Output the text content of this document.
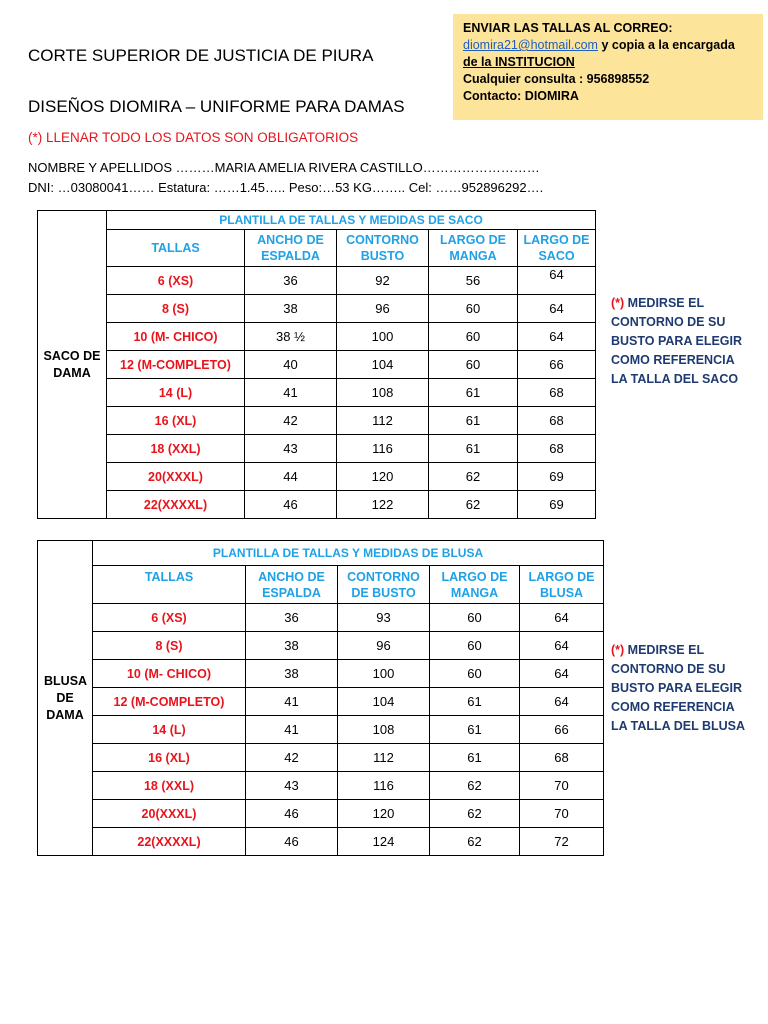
CORTE SUPERIOR DE JUSTICIA DE PIURA
DISEÑOS DIOMIRA – UNIFORME PARA DAMAS
(*) LLENAR TODO LOS DATOS SON OBLIGATORIOS
NOMBRE Y APELLIDOS ………MARIA AMELIA RIVERA CASTILLO………………………
DNI: …03080041…… Estatura: ……1.45….. Peso:…53 KG…….. Cel: ……952896292….
ENVIAR LAS TALLAS AL CORREO:
diomira21@hotmail.com y copia a la encargada
de la INSTITUCION
Cualquier consulta : 956898552
Contacto: DIOMIRA
SACO DE DAMA	PLANTILLA DE TALLAS Y MEDIDAS DE SACO				
	TALLAS	ANCHO DE ESPALDA	CONTORNO BUSTO	LARGO DE MANGA	LARGO DE SACO
	6 (XS)	36	92	56	64
	8 (S)	38	96	60	64
	10 (M- CHICO)	38 ½	100	60	64
	12 (M-COMPLETO)	40	104	60	66
	14 (L)	41	108	61	68
	16 (XL)	42	112	61	68
	18 (XXL)	43	116	61	68
	20(XXXL)	44	120	62	69
	22(XXXXL)	46	122	62	69
(*) MEDIRSE EL
CONTORNO DE SU
BUSTO PARA ELEGIR
COMO REFERENCIA
LA TALLA DEL SACO
BLUSA DE DAMA	PLANTILLA DE TALLAS Y MEDIDAS DE BLUSA				
	TALLAS	ANCHO DE ESPALDA	CONTORNO DE BUSTO	LARGO DE MANGA	LARGO DE BLUSA
	6 (XS)	36	93	60	64
	8 (S)	38	96	60	64
	10 (M- CHICO)	38	100	60	64
	12 (M-COMPLETO)	41	104	61	64
	14 (L)	41	108	61	66
	16 (XL)	42	112	61	68
	18 (XXL)	43	116	62	70
	20(XXXL)	46	120	62	70
	22(XXXXL)	46	124	62	72
(*) MEDIRSE EL
CONTORNO DE SU
BUSTO PARA ELEGIR
COMO REFERENCIA
LA TALLA DEL BLUSA
